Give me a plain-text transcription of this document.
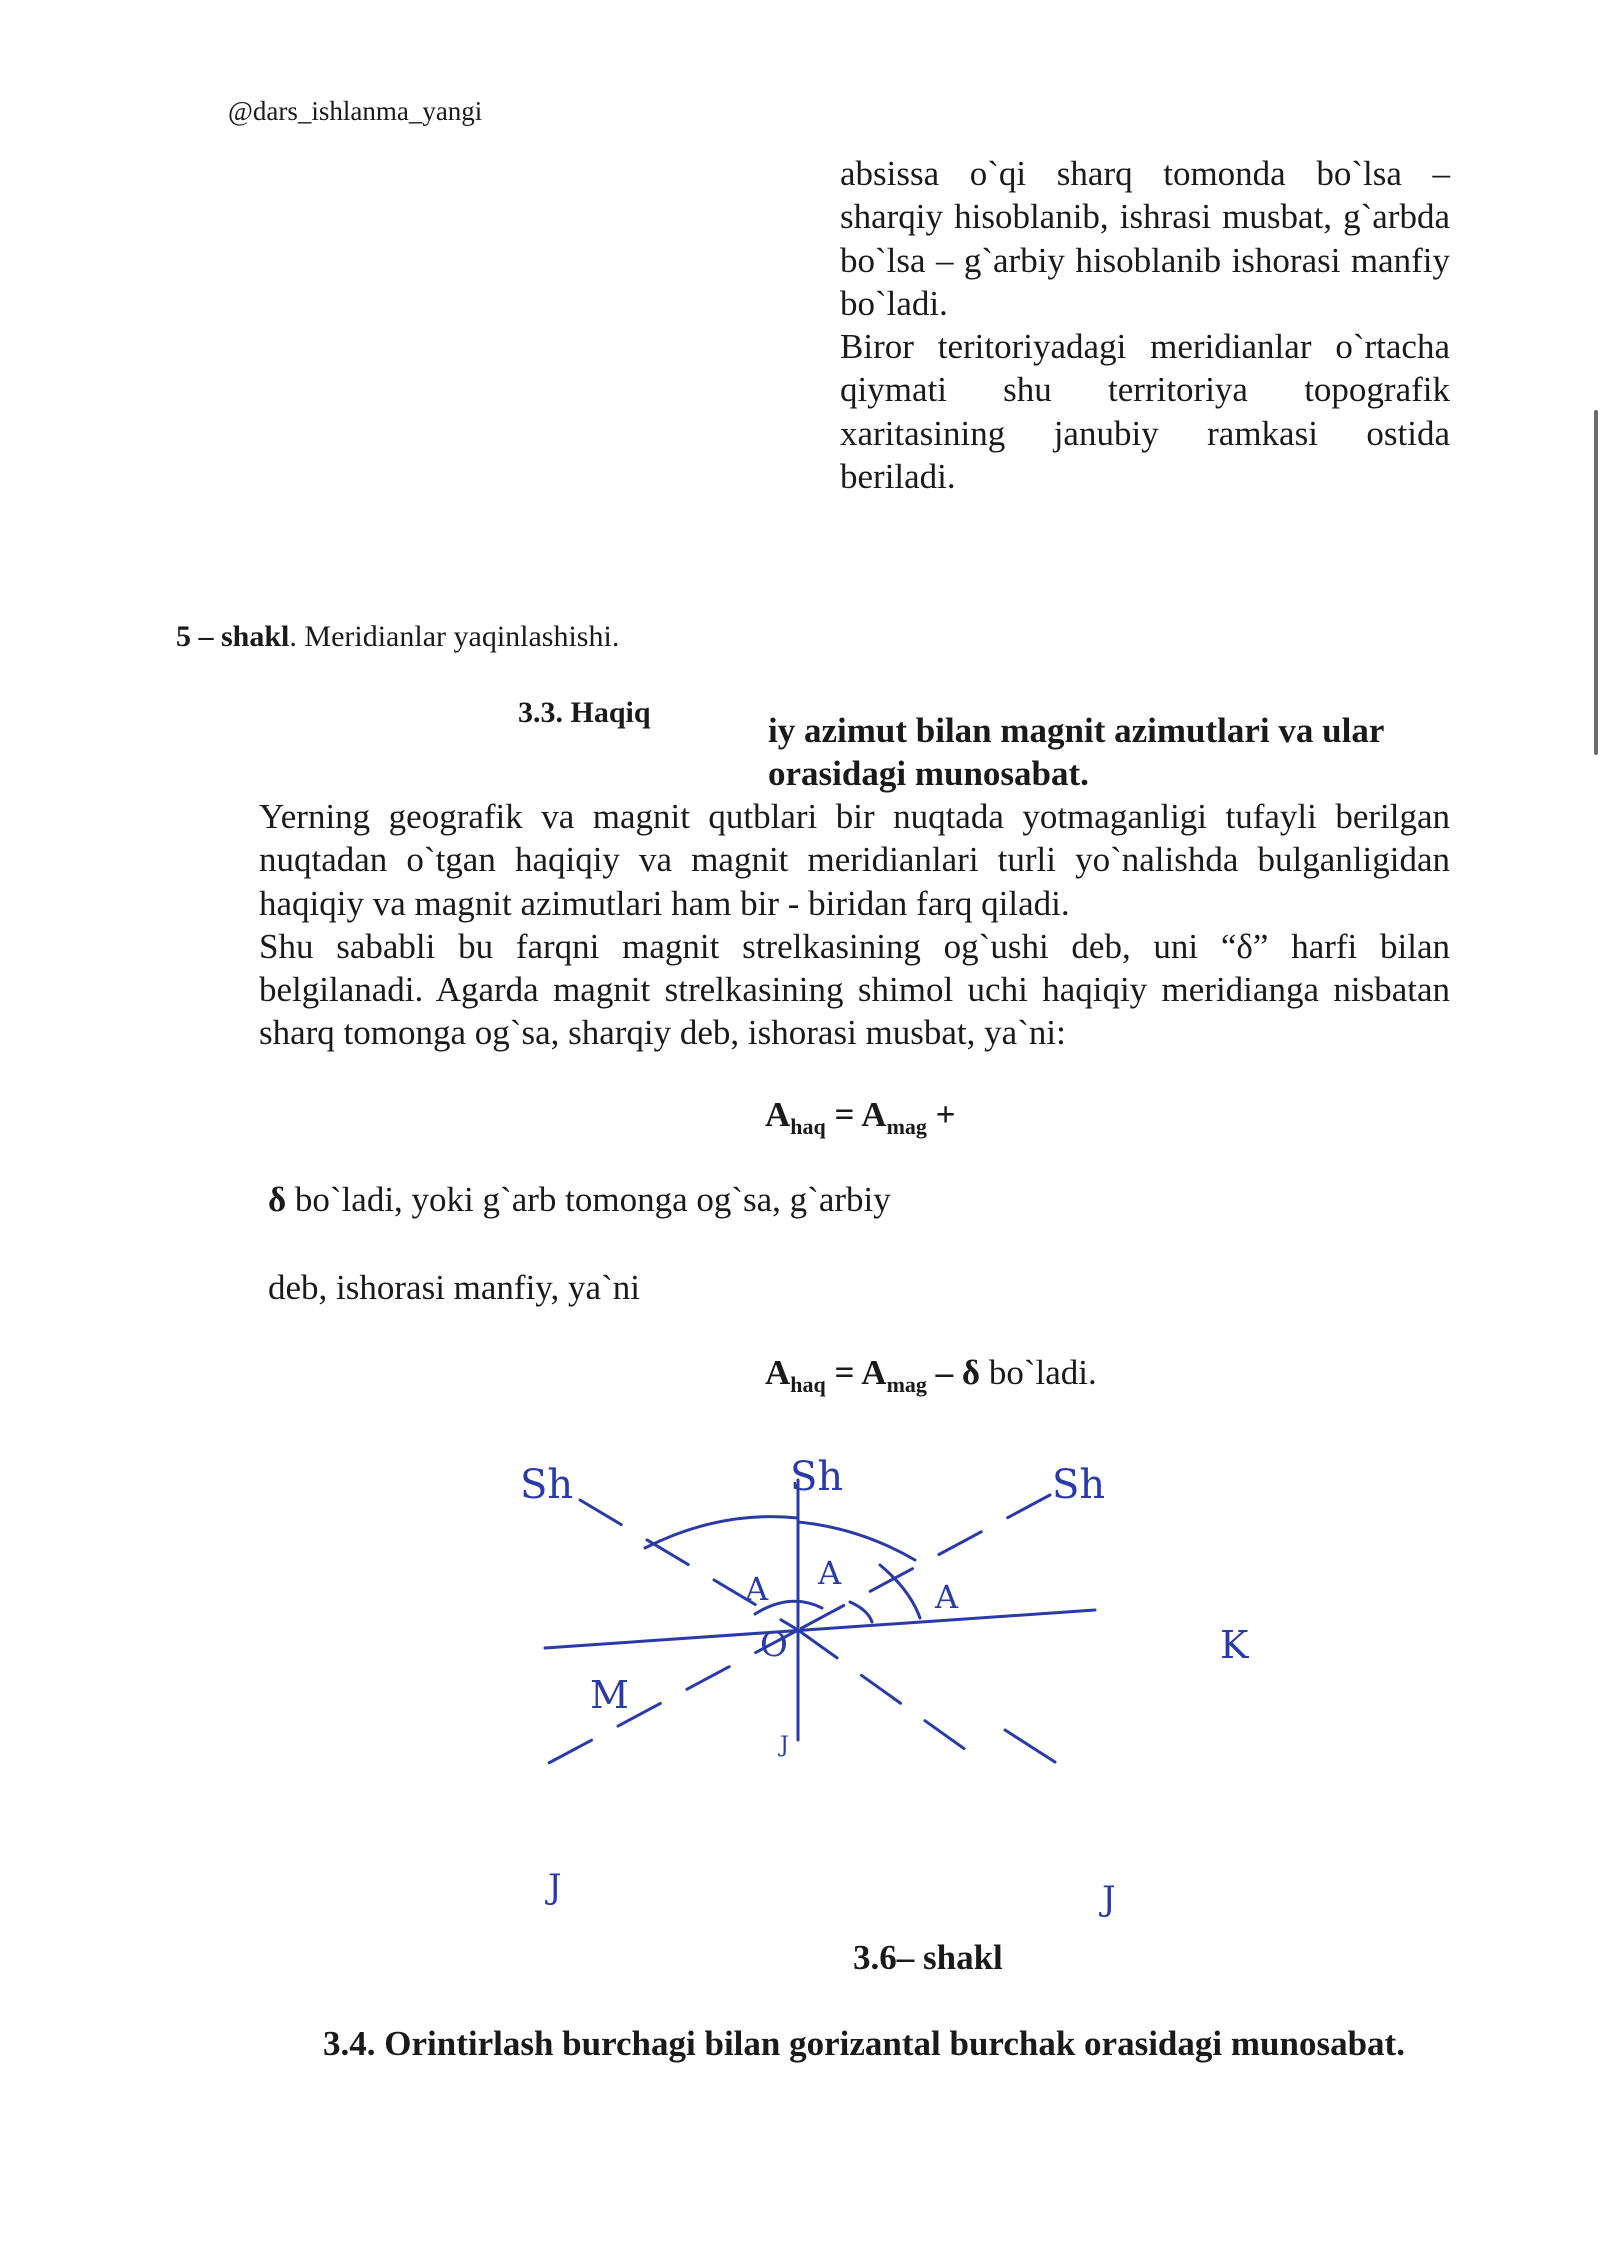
@dars_ishlanma_yangi

absissa o`qi sharq tomonda bo`lsa – sharqiy hisoblanib, ishrasi musbat, g`arbda bo`lsa – g`arbiy hisoblanib ishorasi manfiy bo`ladi.

Biror teritoriyadagi meridianlar o`rtacha qiymati shu territoriya topografik xaritasining janubiy ramkasi ostida beriladi.

5 – shakl. Meridianlar yaqinlashishi.
3.3. Haqiq	iy azimut bilan magnit azimutlari va ular orasidagi munosabat.

Yerning geografik va magnit qutblari bir nuqtada yotmaganligi tufayli berilgan nuqtadan o`tgan haqiqiy va magnit meridianlari turli yo`nalishda bulganligidan haqiqiy va magnit azimutlari ham bir - biridan farq qiladi.

Shu sababli bu farqni magnit strelkasining og`ushi deb, uni “δ” harfi bilan belgilanadi. Agarda magnit strelkasining shimol uchi haqiqiy meridianga nisbatan sharq tomonga og`sa, sharqiy deb, ishorasi musbat, ya`ni:

$A_{haq} = A_{mag}$ +
δ bo`ladi, yoki g`arb tomonga og`sa, g`arbiy
deb, ishorasi manfiy, ya`ni
$A_{haq} = A_{mag} - \delta$ bo`ladi.
Sh	Sh	Sh
A A
A
O	K
M
J
J	J
3.6– shakl
3.4. Orintirlash burchagi bilan gorizantal burchak orasidagi munosabat.
